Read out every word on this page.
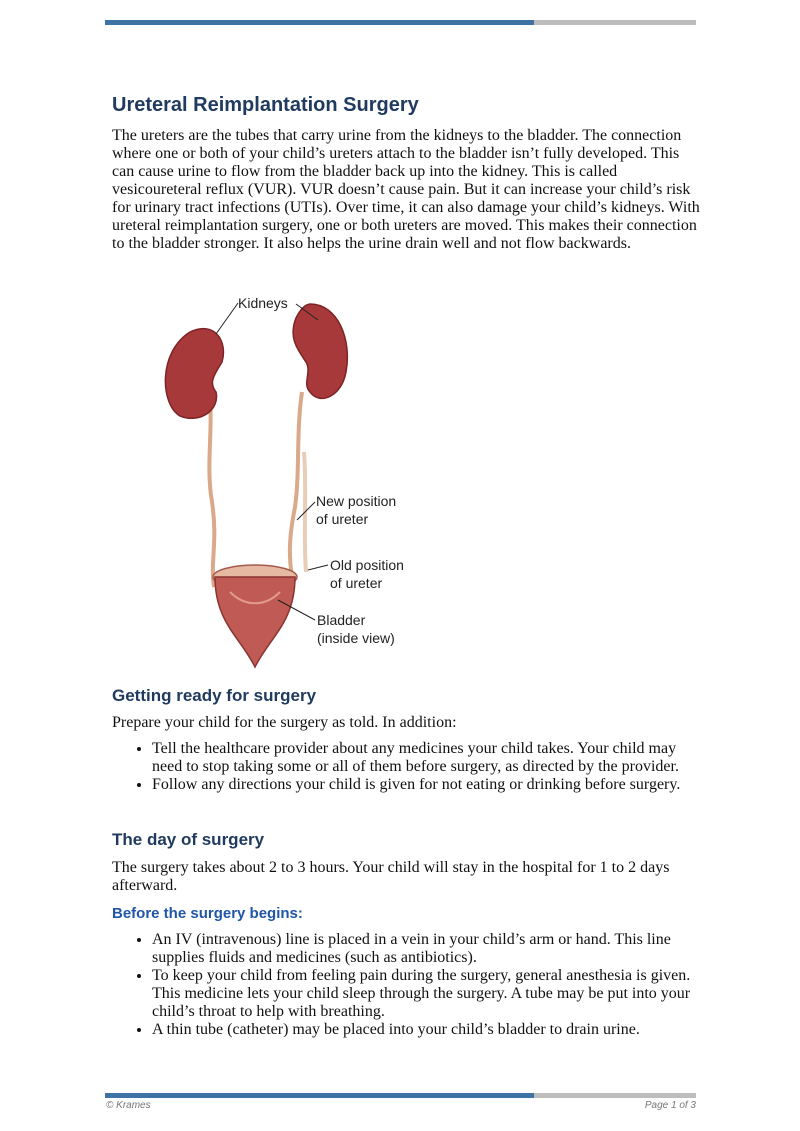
Ureteral Reimplantation Surgery

The ureters are the tubes that carry urine from the kidneys to the bladder. The connection where one or both of your child’s ureters attach to the bladder isn’t fully developed. This can cause urine to flow from the bladder back up into the kidney. This is called vesicoureteral reflux (VUR). VUR doesn’t cause pain. But it can increase your child’s risk for urinary tract infections (UTIs). Over time, it can also damage your child’s kidneys. With ureteral reimplantation surgery, one or both ureters are moved. This makes their connection to the bladder stronger. It also helps the urine drain well and not flow backwards.

Getting ready for surgery

Prepare your child for the surgery as told. In addition:

• Tell the healthcare provider about any medicines your child takes. Your child may need to stop taking some or all of them before surgery, as directed by the provider.
• Follow any directions your child is given for not eating or drinking before surgery.
The day of surgery

The surgery takes about 2 to 3 hours. Your child will stay in the hospital for 1 to 2 days afterward.

Before the surgery begins:
• An IV (intravenous) line is placed in a vein in your child’s arm or hand. This line supplies fluids and medicines (such as antibiotics).
• To keep your child from feeling pain during the surgery, general anesthesia is given. This medicine lets your child sleep through the surgery. A tube may be put into your child’s throat to help with breathing.
• A thin tube (catheter) may be placed into your child’s bladder to drain urine.
Kidneys
New position
of ureter
Old position
of ureter
Bladder
(inside view)
© Krames	Page 1 of 3
